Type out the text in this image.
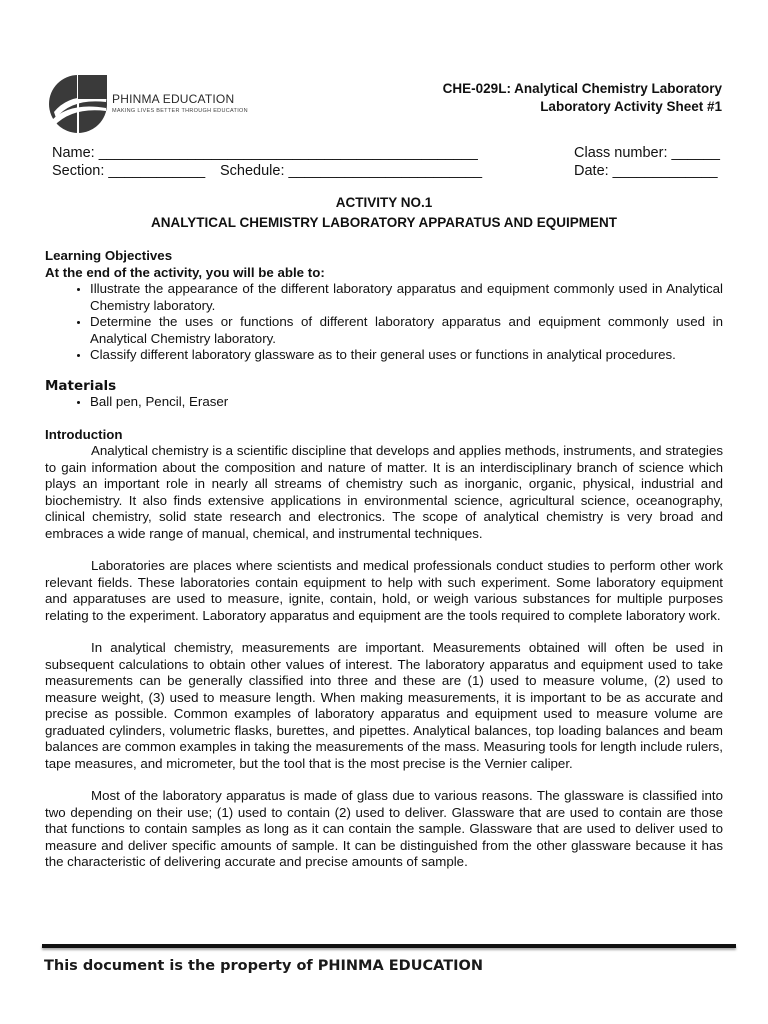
PHINMA EDUCATION
MAKING LIVES BETTER THROUGH EDUCATION
CHE-029L: Analytical Chemistry Laboratory
Laboratory Activity Sheet #1
Name: _______________________________________________	Class number: ______
Section: ____________ Schedule: ________________________	Date: _____________
ACTIVITY NO.1
ANALYTICAL CHEMISTRY LABORATORY APPARATUS AND EQUIPMENT

Learning Objectives

At the end of the activity, you will be able to:

• Illustrate the appearance of the different laboratory apparatus and equipment commonly used in Analytical Chemistry laboratory.
• Determine the uses or functions of different laboratory apparatus and equipment commonly used in Analytical Chemistry laboratory.
• Classify different laboratory glassware as to their general uses or functions in analytical procedures.

Materials

• Ball pen, Pencil, Eraser

Introduction

Analytical chemistry is a scientific discipline that develops and applies methods, instruments, and strategies to gain information about the composition and nature of matter. It is an interdisciplinary branch of science which plays an important role in nearly all streams of chemistry such as inorganic, organic, physical, industrial and biochemistry. It also finds extensive applications in environmental science, agricultural science, oceanography, clinical chemistry, solid state research and electronics. The scope of analytical chemistry is very broad and embraces a wide range of manual, chemical, and instrumental techniques.

Laboratories are places where scientists and medical professionals conduct studies to perform other work relevant fields. These laboratories contain equipment to help with such experiment. Some laboratory equipment and apparatuses are used to measure, ignite, contain, hold, or weigh various substances for multiple purposes relating to the experiment. Laboratory apparatus and equipment are the tools required to complete laboratory work.

In analytical chemistry, measurements are important. Measurements obtained will often be used in subsequent calculations to obtain other values of interest. The laboratory apparatus and equipment used to take measurements can be generally classified into three and these are (1) used to measure volume, (2) used to measure weight, (3) used to measure length. When making measurements, it is important to be as accurate and precise as possible. Common examples of laboratory apparatus and equipment used to measure volume are graduated cylinders, volumetric flasks, burettes, and pipettes. Analytical balances, top loading balances and beam balances are common examples in taking the measurements of the mass. Measuring tools for length include rulers, tape measures, and micrometer, but the tool that is the most precise is the Vernier caliper.

Most of the laboratory apparatus is made of glass due to various reasons. The glassware is classified into two depending on their use; (1) used to contain (2) used to deliver. Glassware that are used to contain are those that functions to contain samples as long as it can contain the sample. Glassware that are used to deliver used to measure and deliver specific amounts of sample. It can be distinguished from the other glassware because it has the characteristic of delivering accurate and precise amounts of sample.

This document is the property of PHINMA EDUCATION
